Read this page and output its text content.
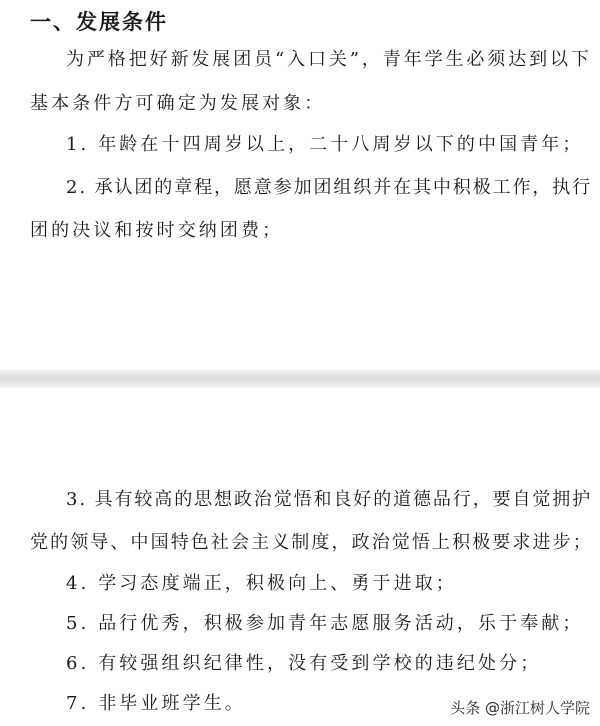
一、发展条件

为严格把好新发展团员“入口关”，青年学生必须达到以下

基本条件方可确定为发展对象：

1. 年龄在十四周岁以上，二十八周岁以下的中国青年；

2. 承认团的章程，愿意参加团组织并在其中积极工作，执行

团的决议和按时交纳团费；

3. 具有较高的思想政治觉悟和良好的道德品行，要自觉拥护

党的领导、中国特色社会主义制度，政治觉悟上积极要求进步；

4. 学习态度端正，积极向上、勇于进取；

5. 品行优秀，积极参加青年志愿服务活动，乐于奉献；

6. 有较强组织纪律性，没有受到学校的违纪处分；

7. 非毕业班学生。	头条 @浙江树人学院
